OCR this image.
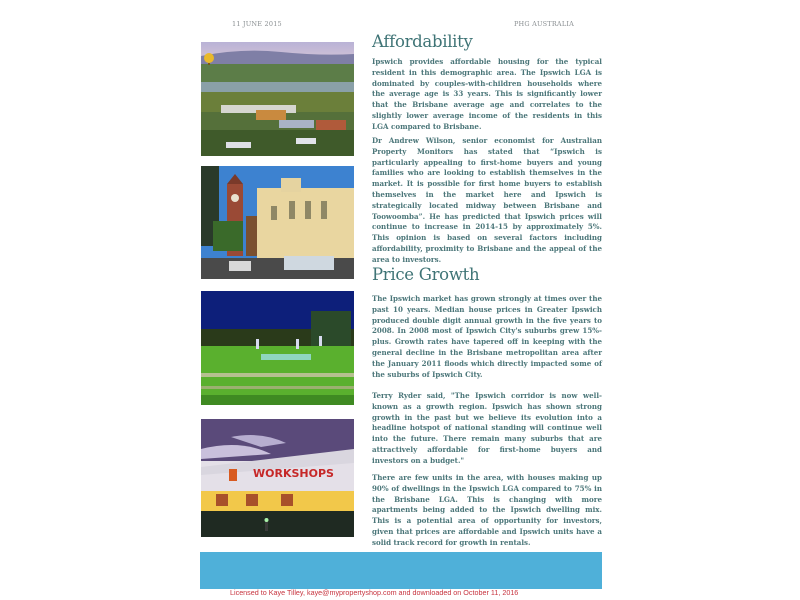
11 JUNE 2015	PHG AUSTRALIA
WORKSHOPS
Affordability

Ipswich provides affordable housing for the typical resident in this demographic area. The Ipswich LGA is dominated by couples-with-children households where the average age is 33 years. This is significantly lower that the Brisbane average age and correlates to the slightly lower average income of the residents in this LGA compared to Brisbane.

Dr Andrew Wilson, senior economist for Australian Property Monitors has stated that “Ipswich is particularly appealing to first-home buyers and young families who are looking to establish themselves in the market. It is possible for first home buyers to establish themselves in the market here and Ipswich is strategically located midway between Brisbane and Toowoomba”. He has predicted that Ipswich prices will continue to increase in 2014-15 by approximately 5%. This opinion is based on several factors including affordability, proximity to Brisbane and the appeal of the area to investors.

Price Growth

The Ipswich market has grown strongly at times over the past 10 years. Median house prices in Greater Ipswich produced double digit annual growth in the five years to 2008. In 2008 most of Ipswich City's suburbs grew 15%-plus. Growth rates have tapered off in keeping with the general decline in the Brisbane metropolitan area after the January 2011 floods which directly impacted some of the suburbs of Ipswich City.

Terry Ryder said, "The Ipswich corridor is now well-known as a growth region. Ipswich has shown strong growth in the past but we believe its evolution into a headline hotspot of national standing will continue well into the future. There remain many suburbs that are attractively affordable for first-home buyers and investors on a budget."

There are few units in the area, with houses making up 90% of dwellings in the Ipswich LGA compared to 75% in the Brisbane LGA. This is changing with more apartments being added to the Ipswich dwelling mix. This is a potential area of opportunity for investors, given that prices are affordable and Ipswich units have a solid track record for growth in rentals.

Licensed to Kaye Tilley, kaye@mypropertyshop.com and downloaded on October 11, 2016
